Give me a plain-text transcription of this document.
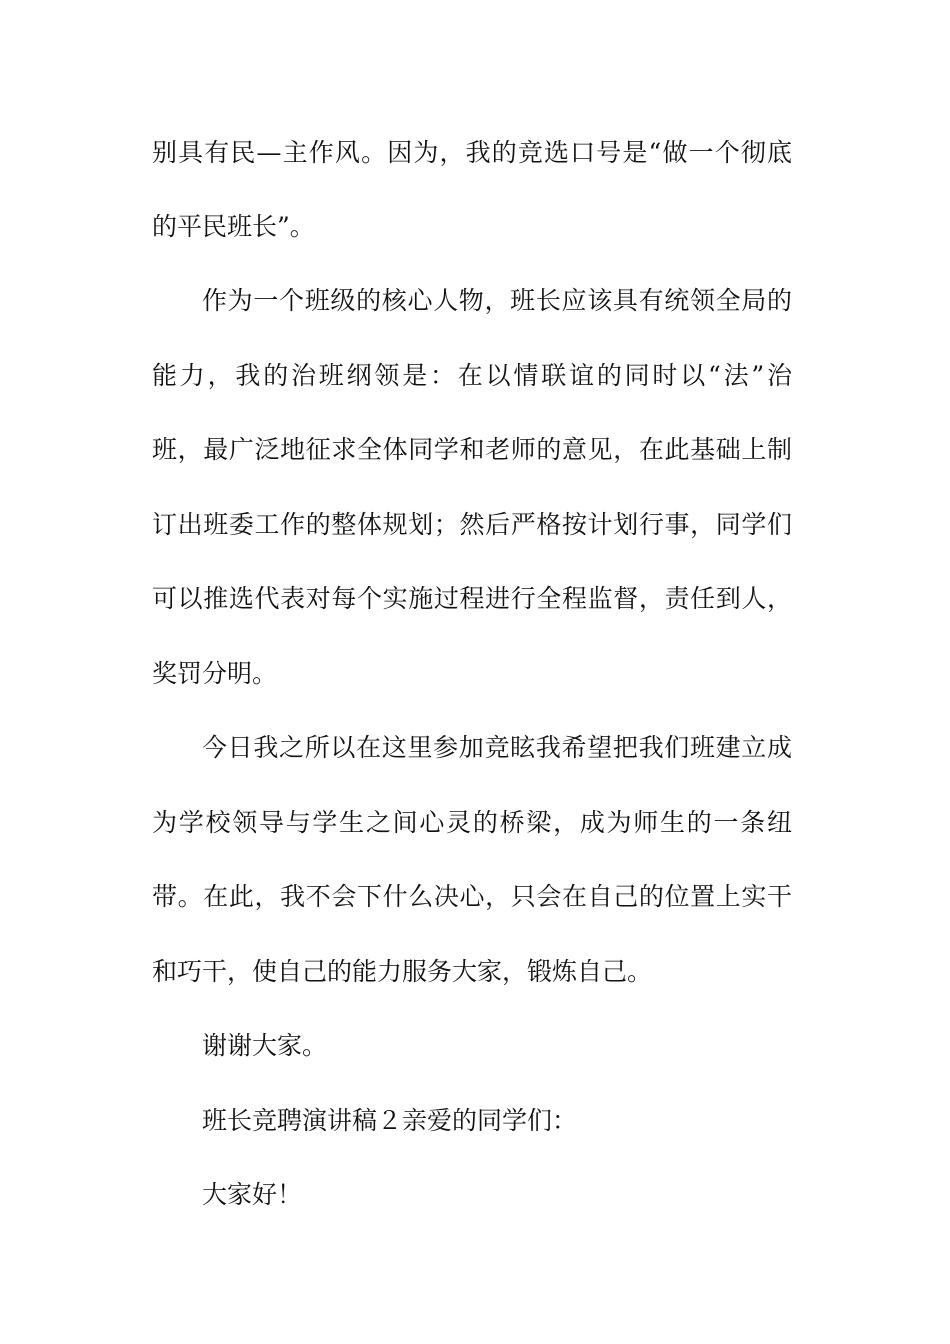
别具有民—主作风。因为，我的竞选口号是“做一个彻底
的平民班长”。
作为一个班级的核心人物，班长应该具有统领全局的
能力，我的治班纲领是：在以情联谊的同时以“法”治
班，最广泛地征求全体同学和老师的意见，在此基础上制
订出班委工作的整体规划；然后严格按计划行事，同学们
可以推选代表对每个实施过程进行全程监督，责任到人，
奖罚分明。
今日我之所以在这里参加竞眩我希望把我们班建立成
为学校领导与学生之间心灵的桥梁，成为师生的一条纽
带。在此，我不会下什么决心，只会在自己的位置上实干
和巧干，使自己的能力服务大家，锻炼自己。
谢谢大家。
班长竞聘演讲稿２亲爱的同学们：
大家好！
